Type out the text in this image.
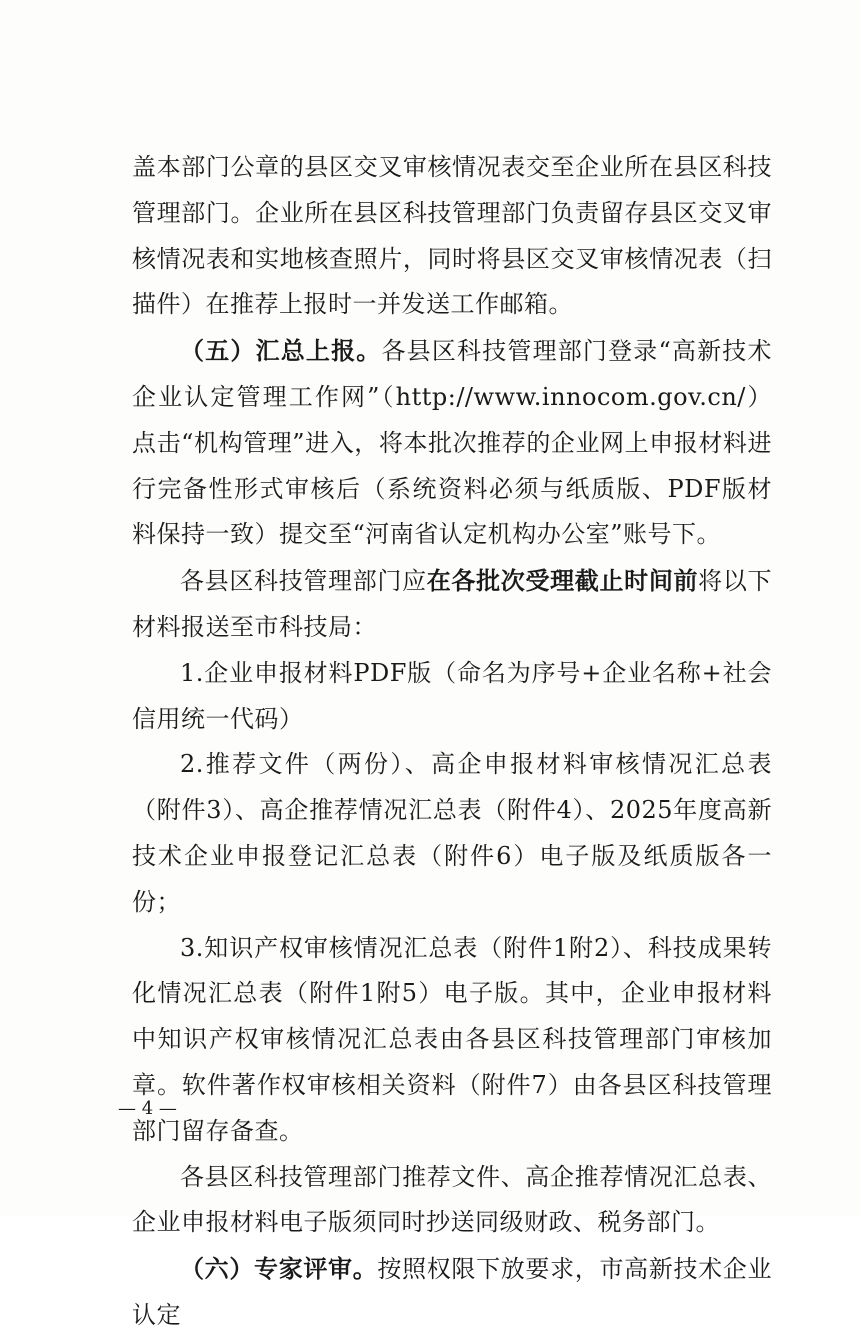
盖本部门公章的县区交叉审核情况表交至企业所在县区科技管理部门。企业所在县区科技管理部门负责留存县区交叉审核情况表和实地核查照片，同时将县区交叉审核情况表（扫描件）在推荐上报时一并发送工作邮箱。

（五）汇总上报。各县区科技管理部门登录“高新技术企业认定管理工作网”（http://www.innocom.gov.cn/）点击“机构管理”进入，将本批次推荐的企业网上申报材料进行完备性形式审核后（系统资料必须与纸质版、PDF版材料保持一致）提交至“河南省认定机构办公室”账号下。

各县区科技管理部门应在各批次受理截止时间前将以下材料报送至市科技局：

1.企业申报材料PDF版（命名为序号+企业名称+社会信用统一代码）

2.推荐文件（两份）、高企申报材料审核情况汇总表（附件3）、高企推荐情况汇总表（附件4）、2025年度高新技术企业申报登记汇总表（附件6）电子版及纸质版各一份；

3.知识产权审核情况汇总表（附件1附2）、科技成果转化情况汇总表（附件1附5）电子版。其中，企业申报材料中知识产权审核情况汇总表由各县区科技管理部门审核加章。软件著作权审核相关资料（附件7）由各县区科技管理部门留存备查。

各县区科技管理部门推荐文件、高企推荐情况汇总表、企业申报材料电子版须同时抄送同级财政、税务部门。

（六）专家评审。按照权限下放要求，市高新技术企业认定

— 4 —
